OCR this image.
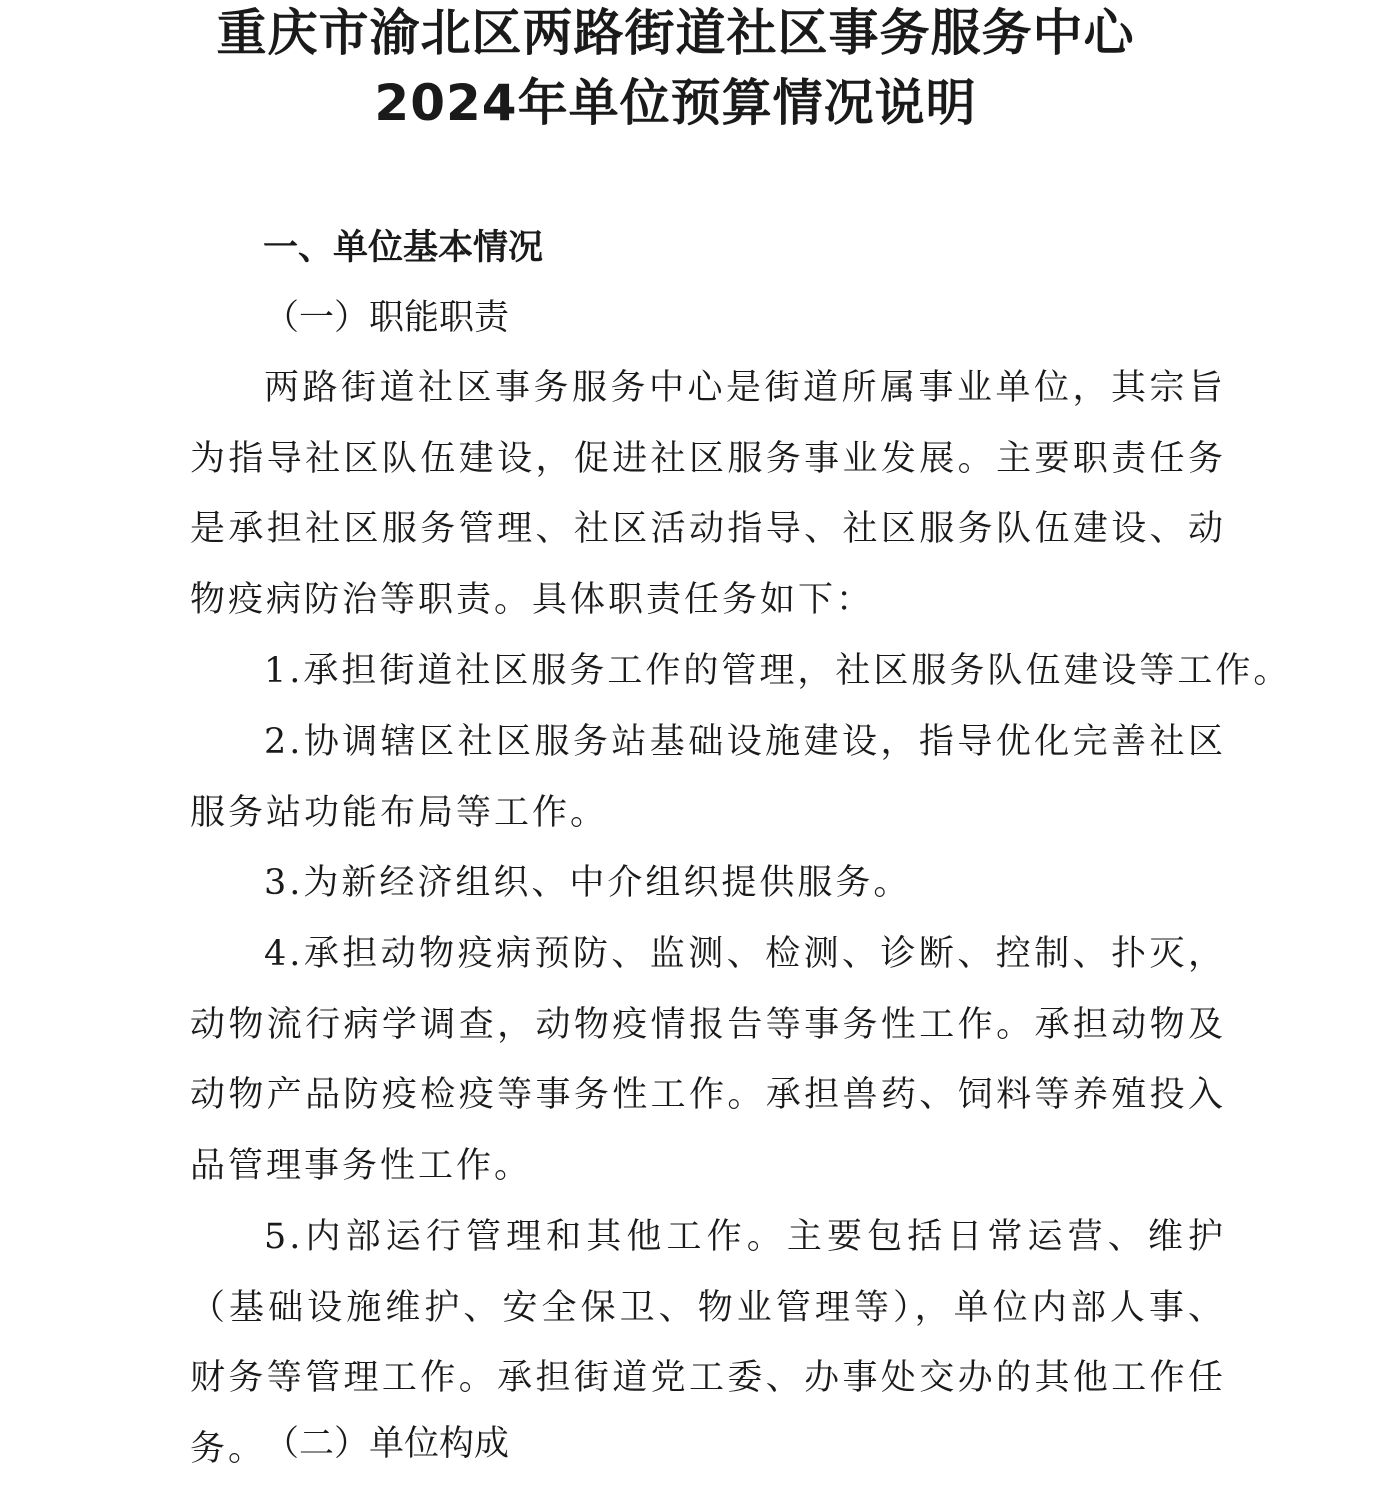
重庆市渝北区两路街道社区事务服务中心
2024年单位预算情况说明
一、单位基本情况
（一）职能职责
两路街道社区事务服务中心是街道所属事业单位，其宗旨为指导社区队伍建设，促进社区服务事业发展。主要职责任务是承担社区服务管理、社区活动指导、社区服务队伍建设、动物疫病防治等职责。具体职责任务如下：
1.承担街道社区服务工作的管理，社区服务队伍建设等工作。
2.协调辖区社区服务站基础设施建设，指导优化完善社区服务站功能布局等工作。
3.为新经济组织、中介组织提供服务。
4.承担动物疫病预防、监测、检测、诊断、控制、扑灭，动物流行病学调查，动物疫情报告等事务性工作。承担动物及动物产品防疫检疫等事务性工作。承担兽药、饲料等养殖投入品管理事务性工作。
5.内部运行管理和其他工作。主要包括日常运营、维护（基础设施维护、安全保卫、物业管理等），单位内部人事、财务等管理工作。承担街道党工委、办事处交办的其他工作任务。
（二）单位构成
